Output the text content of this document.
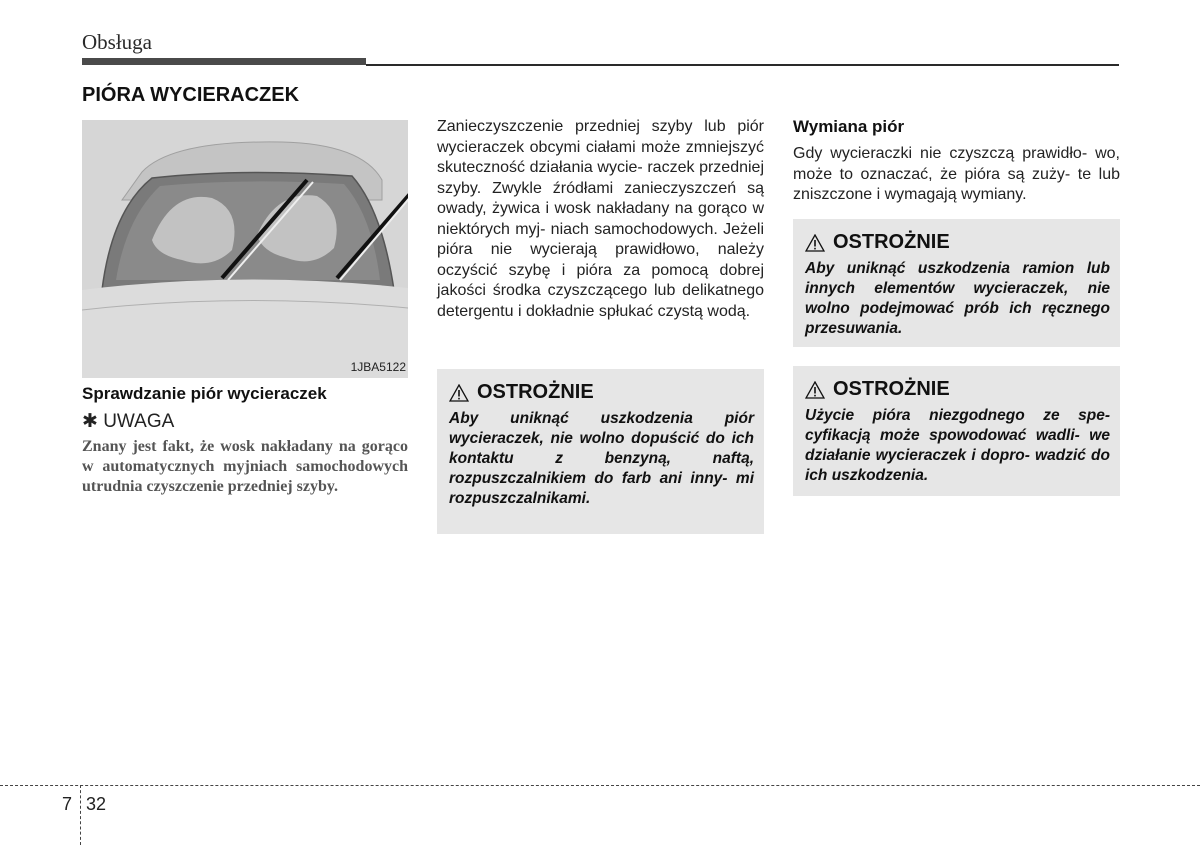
Obsługa
PIÓRA WYCIERACZEK
1JBA5122
Sprawdzanie piór wycieraczek
✱ UWAGA
Znany jest fakt, że wosk nakładany na gorąco w automatycznych myjniach samochodowych utrudnia czyszczenie przedniej szyby.
Zanieczyszczenie przedniej szyby lub piór wycieraczek obcymi ciałami może zmniejszyć skuteczność działania wycie- raczek przedniej szyby. Zwykle źródłami zanieczyszczeń są owady, żywica i wosk nakładany na gorąco w niektórych myj- niach samochodowych. Jeżeli pióra nie wycierają prawidłowo, należy oczyścić szybę i pióra za pomocą dobrej jakości środka czyszczącego lub delikatnego detergentu i dokładnie spłukać czystą wodą.
OSTROŻNIE
Aby uniknąć uszkodzenia piór wycieraczek, nie wolno dopuścić do ich kontaktu z benzyną, naftą, rozpuszczalnikiem do farb ani inny- mi rozpuszczalnikami.
Wymiana piór
Gdy wycieraczki nie czyszczą prawidło- wo, może to oznaczać, że pióra są zuży- te lub zniszczone i wymagają wymiany.
OSTROŻNIE
Aby uniknąć uszkodzenia ramion lub innych elementów wycieraczek, nie wolno podejmować prób ich ręcznego przesuwania.
OSTROŻNIE
Użycie pióra niezgodnego ze spe- cyfikacją może spowodować wadli- we działanie wycieraczek i dopro- wadzić do ich uszkodzenia.
7 32
